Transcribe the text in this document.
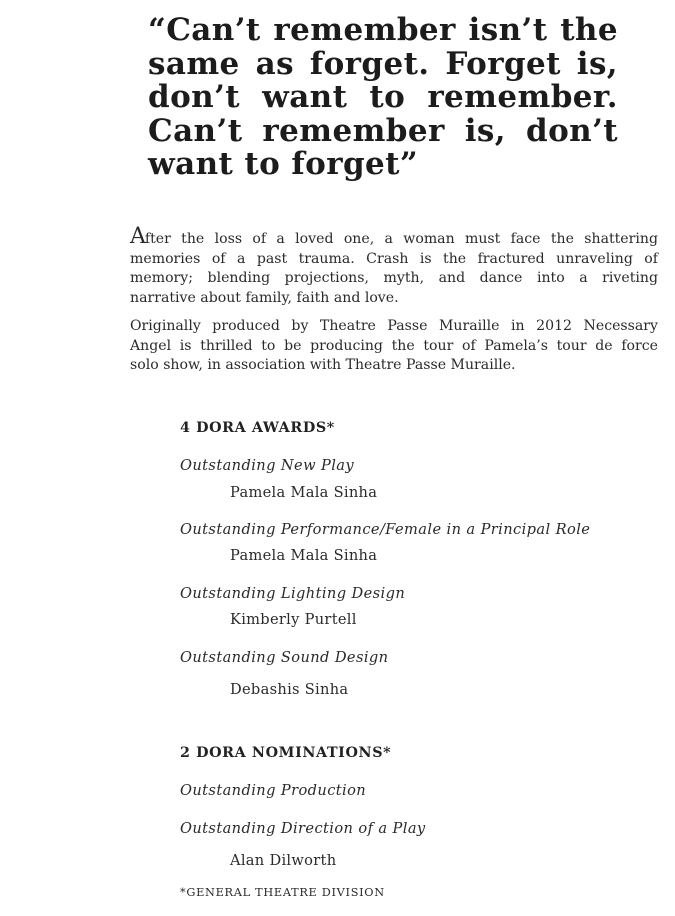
“Can’t remember isn’t the
same as forget. Forget is,
don’t want to remember.
Can’t remember is, don’t
want to forget”
After the loss of a loved one, a woman must face the shattering
memories of a past trauma. Crash is the fractured unraveling of
memory; blending projections, myth, and dance into a riveting
narrative about family, faith and love.
Originally produced by Theatre Passe Muraille in 2012 Necessary
Angel is thrilled to be producing the tour of Pamela’s tour de force
solo show, in association with Theatre Passe Muraille.
4 DORA AWARDS*
Outstanding New Play
Pamela Mala Sinha
Outstanding Performance/Female in a Principal Role
Pamela Mala Sinha
Outstanding Lighting Design
Kimberly Purtell
Outstanding Sound Design
Debashis Sinha
2 DORA NOMINATIONS*
Outstanding Production
Outstanding Direction of a Play
Alan Dilworth
*GENERAL THEATRE DIVISION
